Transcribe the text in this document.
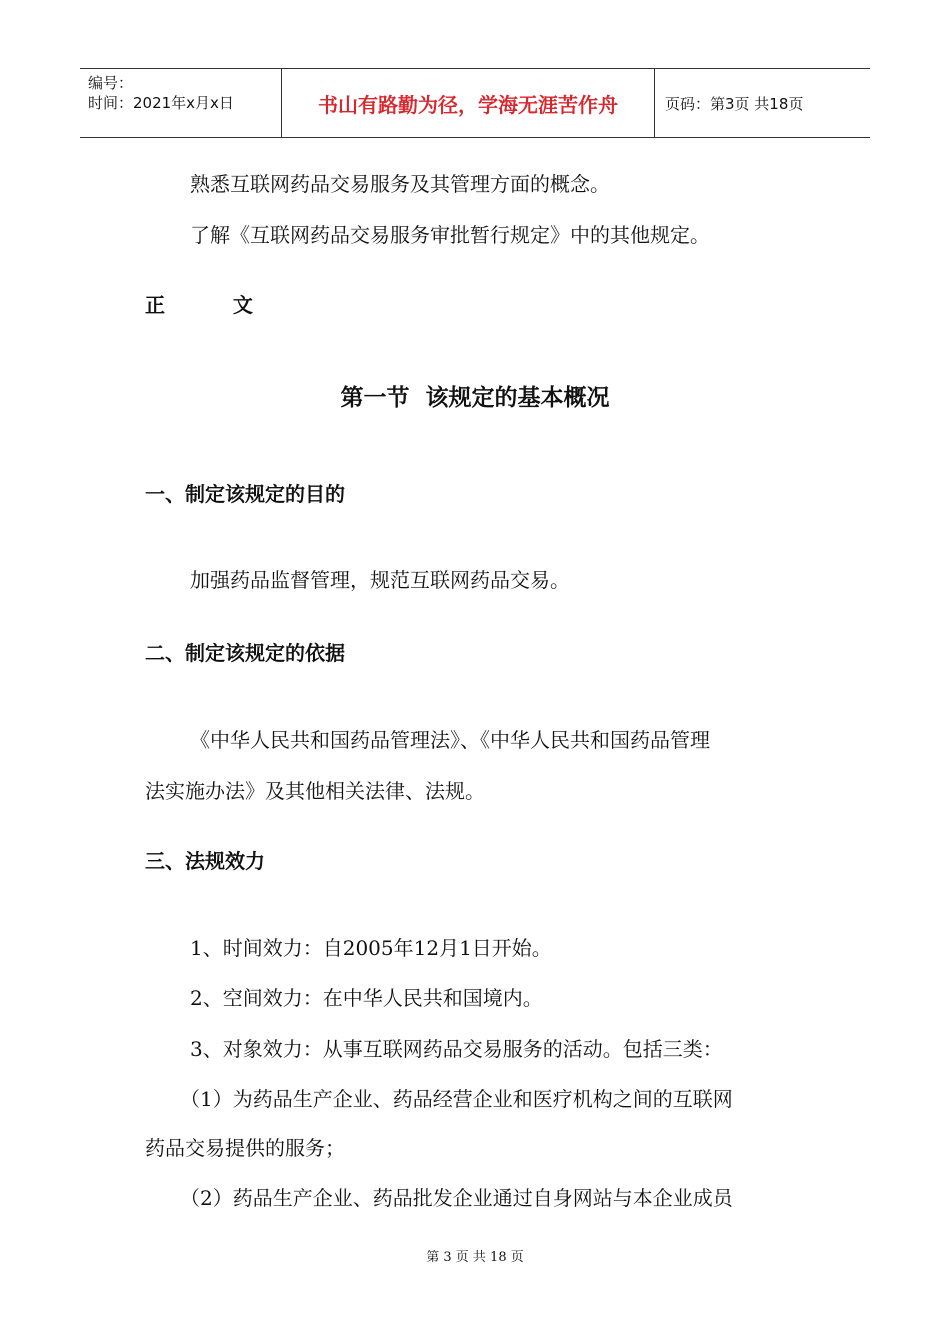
编号：
时间：2021年x月x日	书山有路勤为径，学海无涯苦作舟	页码：第3页 共18页
熟悉互联网药品交易服务及其管理方面的概念。
了解《互联网药品交易服务审批暂行规定》中的其他规定。
正  文
第一节  该规定的基本概况
一、制定该规定的目的
加强药品监督管理，规范互联网药品交易。
二、制定该规定的依据
《中华人民共和国药品管理法》、《中华人民共和国药品管理
法实施办法》及其他相关法律、法规。
三、法规效力
1、时间效力：自2005年12月1日开始。
2、空间效力：在中华人民共和国境内。
3、对象效力：从事互联网药品交易服务的活动。包括三类：
（1）为药品生产企业、药品经营企业和医疗机构之间的互联网
药品交易提供的服务；
（2）药品生产企业、药品批发企业通过自身网站与本企业成员
第 3 页 共 18 页
